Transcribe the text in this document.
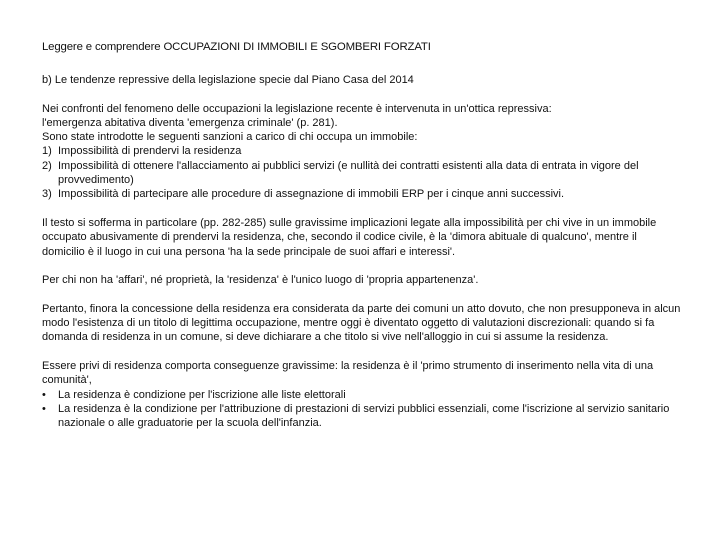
Leggere e comprendere OCCUPAZIONI DI IMMOBILI E SGOMBERI FORZATI

b) Le tendenze repressive della legislazione specie dal Piano Casa del 2014

Nei confronti del fenomeno delle occupazioni la legislazione recente è intervenuta in un'ottica repressiva:

l'emergenza abitativa diventa 'emergenza criminale' (p. 281).

Sono state introdotte le seguenti sanzioni a carico di chi occupa un immobile:

1) Impossibilità di prendervi la residenza
2) Impossibilità di ottenere l'allacciamento ai pubblici servizi (e nullità dei contratti esistenti alla data di entrata in vigore del provvedimento)
3) Impossibilità di partecipare alle procedure di assegnazione di immobili ERP per i cinque anni successivi.

Il testo si sofferma in particolare (pp. 282-285) sulle gravissime implicazioni legate alla impossibilità per chi vive in un immobile occupato abusivamente di prendervi la residenza, che, secondo il codice civile, è la 'dimora abituale di qualcuno', mentre il domicilio è il luogo in cui una persona 'ha la sede principale de suoi affari e interessi'.

Per chi non ha 'affari', né proprietà, la 'residenza' è l'unico luogo di 'propria appartenenza'.

Pertanto, finora la concessione della residenza era considerata da parte dei comuni un atto dovuto, che non presupponeva in alcun modo l'esistenza di un titolo di legittima occupazione, mentre oggi è diventato oggetto di valutazioni discrezionali: quando si fa domanda di residenza in un comune, si deve dichiarare a che titolo si vive nell'alloggio in cui si assume la residenza.

Essere privi di residenza comporta conseguenze gravissime: la residenza è il 'primo strumento di inserimento nella vita di una comunità',

•	La residenza è condizione per l'iscrizione alle liste elettorali
•	La residenza è la condizione per l'attribuzione di prestazioni di servizi pubblici essenziali, come l'iscrizione al servizio sanitario nazionale o alle graduatorie per la scuola dell'infanzia.
